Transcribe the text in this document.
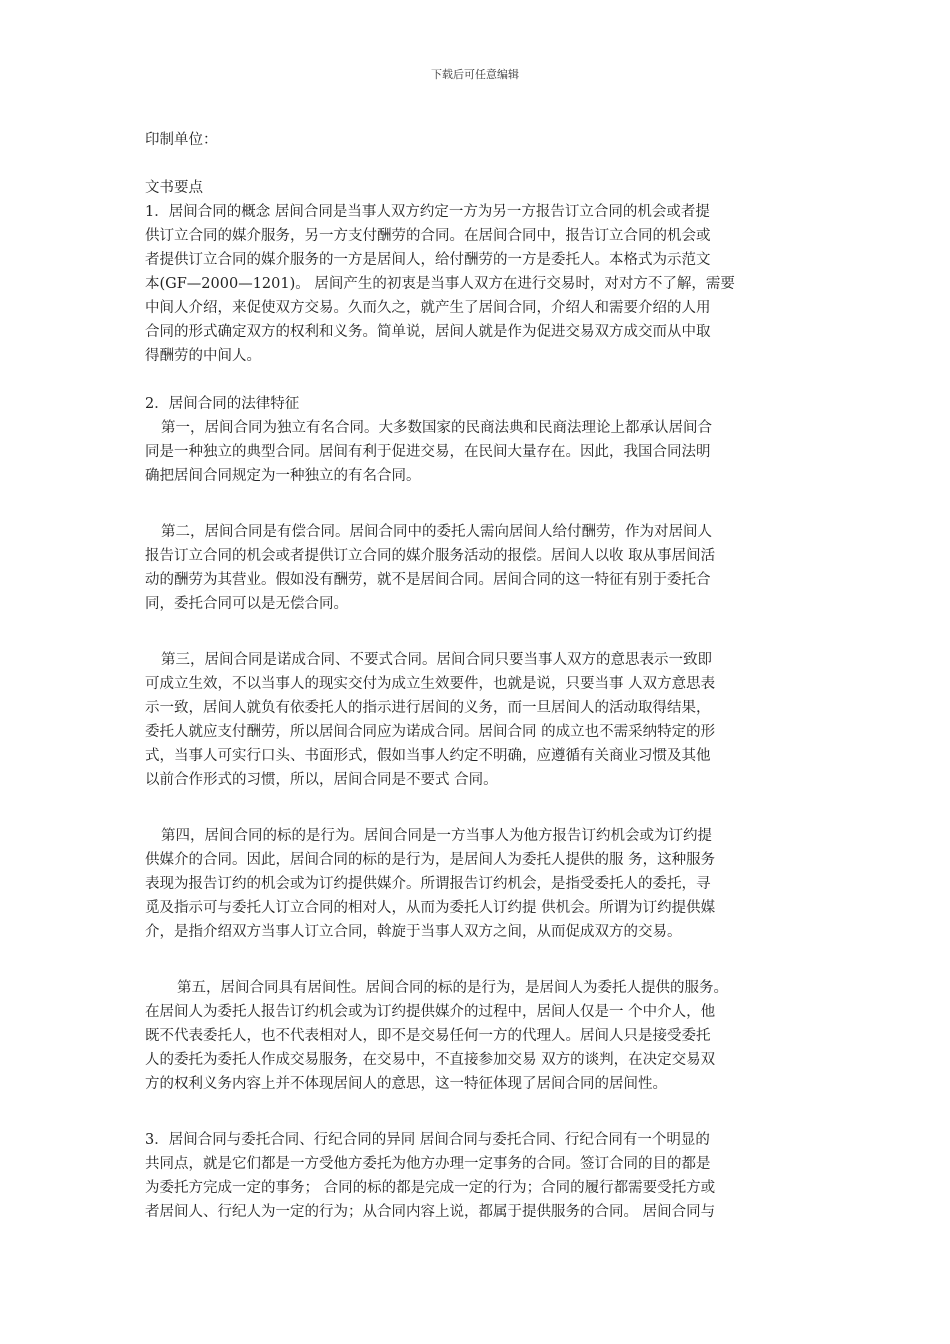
下载后可任意编辑
印制单位：
文书要点
1．居间合同的概念 居间合同是当事人双方约定一方为另一方报告订立合同的机会或者提
供订立合同的媒介服务，另一方支付酬劳的合同。在居间合同中，报告订立合同的机会或
者提供订立合同的媒介服务的一方是居间人，给付酬劳的一方是委托人。本格式为示范文
本(GF—2000—1201)。 居间产生的初衷是当事人双方在进行交易时，对对方不了解，需要
中间人介绍，来促使双方交易。久而久之，就产生了居间合同，介绍人和需要介绍的人用
合同的形式确定双方的权利和义务。简单说，居间人就是作为促进交易双方成交而从中取
得酬劳的中间人。
2．居间合同的法律特征
第一，居间合同为独立有名合同。大多数国家的民商法典和民商法理论上都承认居间合
同是一种独立的典型合同。居间有利于促进交易，在民间大量存在。因此，我国合同法明
确把居间合同规定为一种独立的有名合同。
第二，居间合同是有偿合同。居间合同中的委托人需向居间人给付酬劳，作为对居间人
报告订立合同的机会或者提供订立合同的媒介服务活动的报偿。居间人以收 取从事居间活
动的酬劳为其营业。假如没有酬劳，就不是居间合同。居间合同的这一特征有别于委托合
同，委托合同可以是无偿合同。
第三，居间合同是诺成合同、不要式合同。居间合同只要当事人双方的意思表示一致即
可成立生效，不以当事人的现实交付为成立生效要件，也就是说，只要当事 人双方意思表
示一致，居间人就负有依委托人的指示进行居间的义务，而一旦居间人的活动取得结果，
委托人就应支付酬劳，所以居间合同应为诺成合同。居间合同 的成立也不需采纳特定的形
式，当事人可实行口头、书面形式，假如当事人约定不明确，应遵循有关商业习惯及其他
以前合作形式的习惯，所以，居间合同是不要式 合同。
第四，居间合同的标的是行为。居间合同是一方当事人为他方报告订约机会或为订约提
供媒介的合同。因此，居间合同的标的是行为，是居间人为委托人提供的服 务，这种服务
表现为报告订约的机会或为订约提供媒介。所谓报告订约机会，是指受委托人的委托，寻
觅及指示可与委托人订立合同的相对人，从而为委托人订约提 供机会。所谓为订约提供媒
介，是指介绍双方当事人订立合同，斡旋于当事人双方之间，从而促成双方的交易。
第五，居间合同具有居间性。居间合同的标的是行为，是居间人为委托人提供的服务。
在居间人为委托人报告订约机会或为订约提供媒介的过程中，居间人仅是一 个中介人，他
既不代表委托人，也不代表相对人，即不是交易任何一方的代理人。居间人只是接受委托
人的委托为委托人作成交易服务，在交易中，不直接参加交易 双方的谈判，在决定交易双
方的权利义务内容上并不体现居间人的意思，这一特征体现了居间合同的居间性。
3．居间合同与委托合同、行纪合同的异同 居间合同与委托合同、行纪合同有一个明显的
共同点，就是它们都是一方受他方委托为他方办理一定事务的合同。签订合同的目的都是
为委托方完成一定的事务； 合同的标的都是完成一定的行为；合同的履行都需要受托方或
者居间人、行纪人为一定的行为；从合同内容上说，都属于提供服务的合同。 居间合同与
